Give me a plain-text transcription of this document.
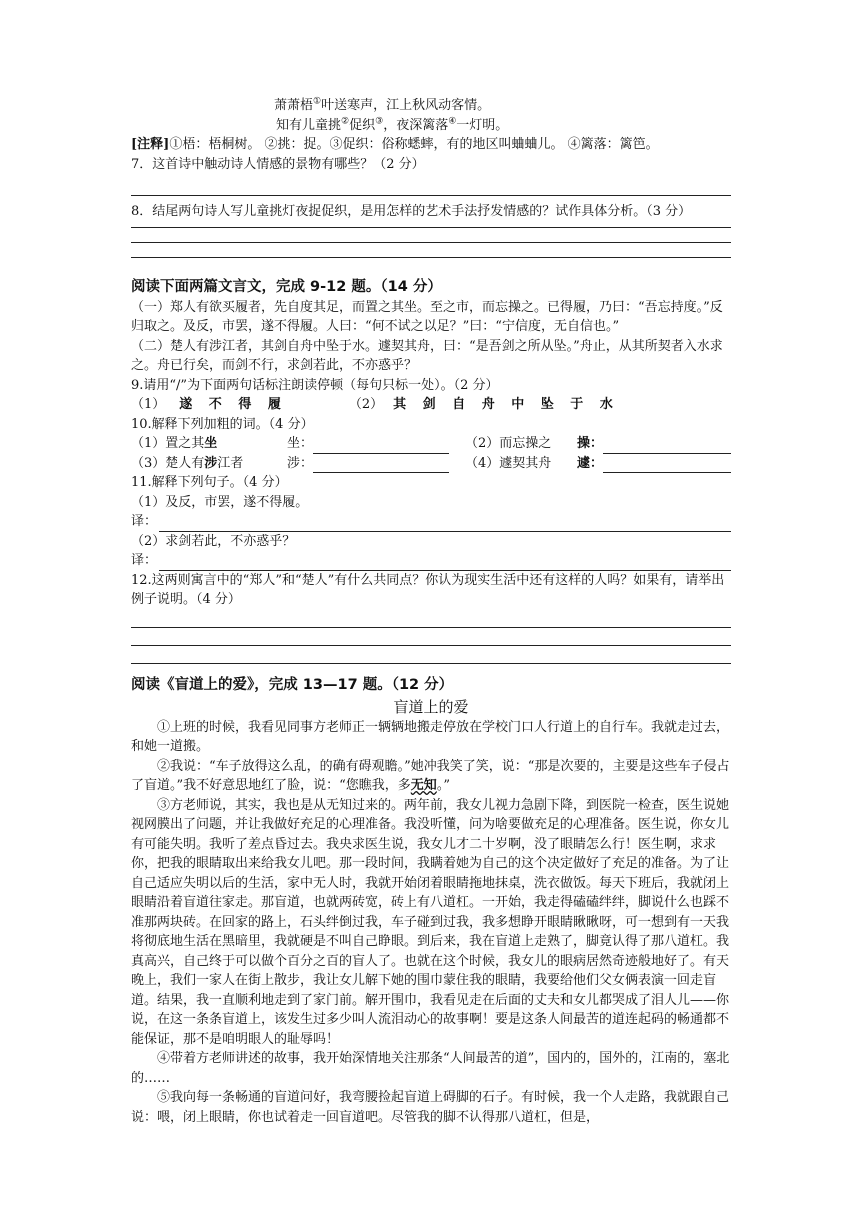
萧萧梧①叶送寒声，江上秋风动客情。
知有儿童挑②促织③，夜深篱落④一灯明。

[注释]①梧：梧桐树。 ②挑：捉。③促织：俗称蟋蟀，有的地区叫蛐蛐儿。 ④篱落：篱笆。

7．这首诗中触动诗人情感的景物有哪些？（2 分）

8．结尾两句诗人写儿童挑灯夜捉促织，是用怎样的艺术手法抒发情感的？试作具体分析。（3 分）

阅读下面两篇文言文，完成 9-12 题。（14 分）

（一）郑人有欲买履者，先自度其足，而置之其坐。至之市，而忘操之。已得履，乃曰：“吾忘持度。”反归取之。及反，市罢，遂不得履。人曰：“何不试之以足？”曰：“宁信度，无自信也。”

（二）楚人有涉江者，其剑自舟中坠于水。遽契其舟，曰：“是吾剑之所从坠。”舟止，从其所契者入水求之。舟已行矣，而剑不行，求剑若此，不亦惑乎？

9.请用“/”为下面两句话标注朗读停顿（每句只标一处）。（2 分）

（1） 遂 不 得 履	（2） 其 剑 自 舟 中 坠 于 水

10.解释下列加粗的词。（4 分）

（1）置之其坐	坐：	（2）而忘操之	操：
（3）楚人有涉江者	涉：	（4）遽契其舟	遽：

11.解释下列句子。（4 分）

（1）及反，市罢，遂不得履。

译：

（2）求剑若此，不亦惑乎？

译：

12.这两则寓言中的“郑人”和“楚人”有什么共同点？你认为现实生活中还有这样的人吗？如果有，请举出例子说明。（4 分）

阅读《盲道上的爱》，完成 13—17 题。（12 分）
盲道上的爱

①上班的时候，我看见同事方老师正一辆辆地搬走停放在学校门口人行道上的自行车。我就走过去，和她一道搬。

②我说：“车子放得这么乱，的确有碍观瞻。”她冲我笑了笑，说：“那是次要的，主要是这些车子侵占了盲道。”我不好意思地红了脸，说：“您瞧我，多无知。”

③方老师说，其实，我也是从无知过来的。两年前，我女儿视力急剧下降，到医院一检查，医生说她视网膜出了问题，并让我做好充足的心理准备。我没听懂，问为啥要做充足的心理准备。医生说，你女儿有可能失明。我听了差点昏过去。我央求医生说，我女儿才二十岁啊，没了眼睛怎么行！医生啊，求求你，把我的眼睛取出来给我女儿吧。那一段时间，我瞒着她为自己的这个决定做好了充足的准备。为了让自己适应失明以后的生活，家中无人时，我就开始闭着眼睛拖地抹桌，洗衣做饭。每天下班后，我就闭上眼睛沿着盲道往家走。那盲道，也就两砖宽，砖上有八道杠。一开始，我走得磕磕绊绊，脚说什么也踩不准那两块砖。在回家的路上，石头绊倒过我，车子碰到过我，我多想睁开眼睛瞅瞅呀，可一想到有一天我将彻底地生活在黑暗里，我就硬是不叫自己睁眼。到后来，我在盲道上走熟了，脚竟认得了那八道杠。我真高兴，自己终于可以做个百分之百的盲人了。也就在这个时候，我女儿的眼病居然奇迹般地好了。有天晚上，我们一家人在街上散步，我让女儿解下她的围巾蒙住我的眼睛，我要给他们父女俩表演一回走盲道。结果，我一直顺利地走到了家门前。解开围巾，我看见走在后面的丈夫和女儿都哭成了泪人儿——你说，在这一条条盲道上，该发生过多少叫人流泪动心的故事啊！要是这条人间最苦的道连起码的畅通都不能保证，那不是咱明眼人的耻辱吗！

④带着方老师讲述的故事，我开始深情地关注那条“人间最苦的道”，国内的，国外的，江南的，塞北的……

⑤我向每一条畅通的盲道问好，我弯腰捡起盲道上碍脚的石子。有时候，我一个人走路，我就跟自己说：喂，闭上眼睛，你也试着走一回盲道吧。尽管我的脚不认得那八道杠，但是，
